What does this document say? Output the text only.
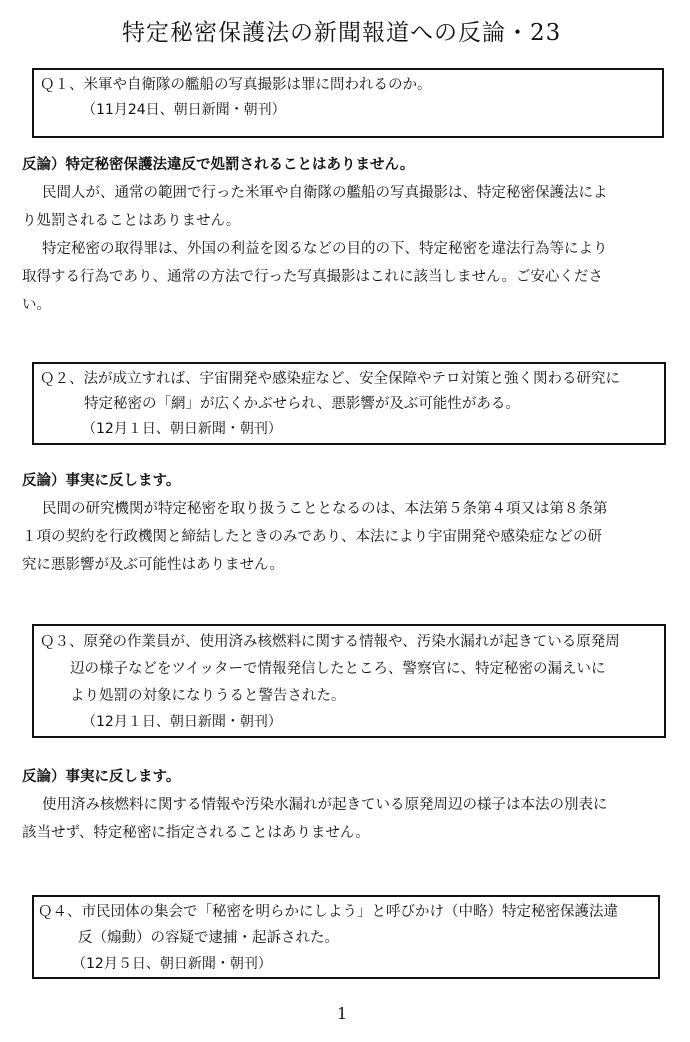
特定秘密保護法の新聞報道への反論・23
Ｑ１、米軍や自衛隊の艦船の写真撮影は罪に問われるのか。
（11月24日、朝日新聞・朝刊）
反論）特定秘密保護法違反で処罰されることはありません。
民間人が、通常の範囲で行った米軍や自衛隊の艦船の写真撮影は、特定秘密保護法によ
り処罰されることはありません。
特定秘密の取得罪は、外国の利益を図るなどの目的の下、特定秘密を違法行為等により
取得する行為であり、通常の方法で行った写真撮影はこれに該当しません。ご安心くださ
い。
Ｑ２、法が成立すれば、宇宙開発や感染症など、安全保障やテロ対策と強く関わる研究に
特定秘密の「網」が広くかぶせられ、悪影響が及ぶ可能性がある。
（12月１日、朝日新聞・朝刊）
反論）事実に反します。
民間の研究機関が特定秘密を取り扱うこととなるのは、本法第５条第４項又は第８条第
１項の契約を行政機関と締結したときのみであり、本法により宇宙開発や感染症などの研
究に悪影響が及ぶ可能性はありません。
Ｑ３、原発の作業員が、使用済み核燃料に関する情報や、汚染水漏れが起きている原発周
辺の様子などをツイッターで情報発信したところ、警察官に、特定秘密の漏えいに
より処罰の対象になりうると警告された。
（12月１日、朝日新聞・朝刊）
反論）事実に反します。
使用済み核燃料に関する情報や汚染水漏れが起きている原発周辺の様子は本法の別表に
該当せず、特定秘密に指定されることはありません。
Ｑ４、市民団体の集会で「秘密を明らかにしよう」と呼びかけ（中略）特定秘密保護法違
反（煽動）の容疑で逮捕・起訴された。
（12月５日、朝日新聞・朝刊）
1
